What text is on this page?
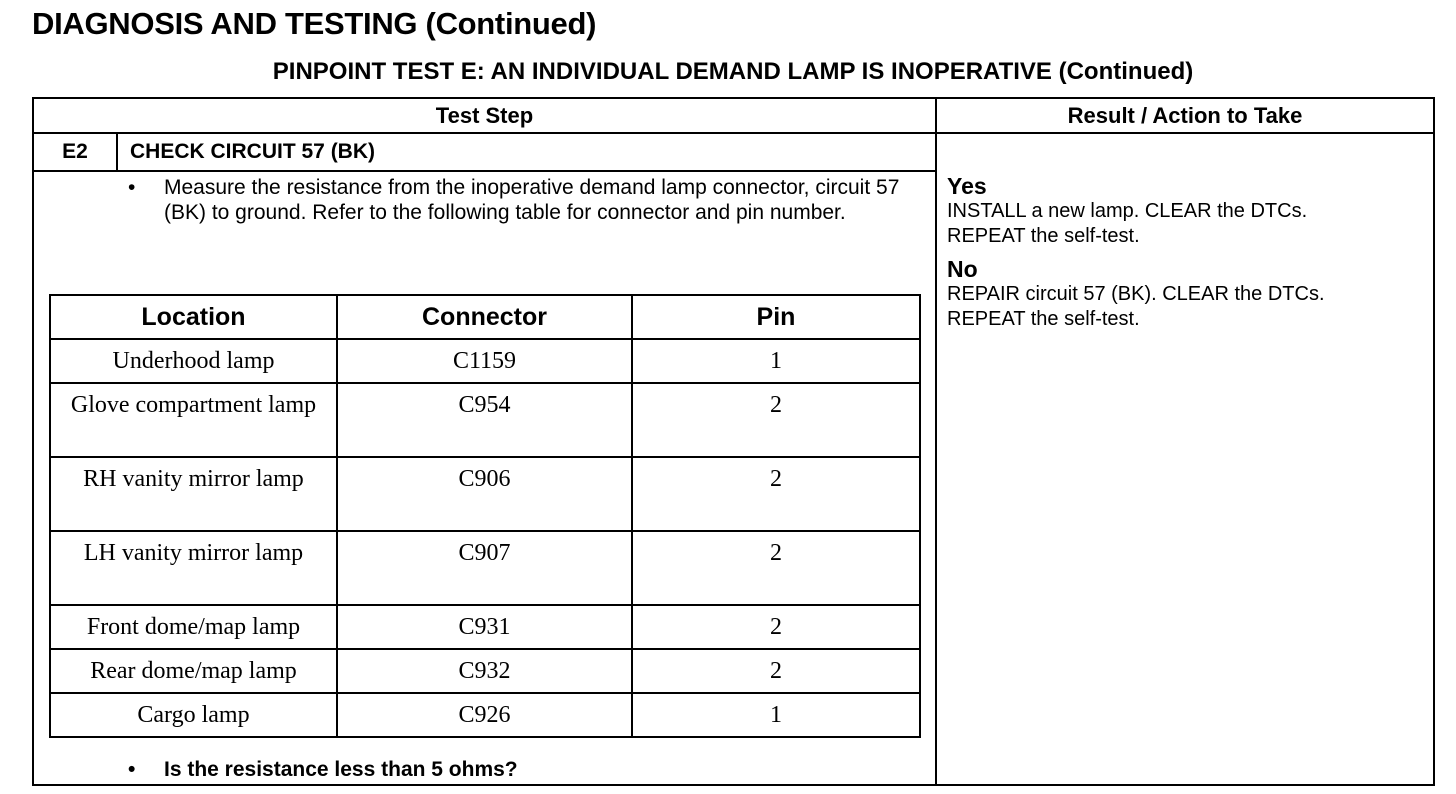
DIAGNOSIS AND TESTING (Continued)
PINPOINT TEST E: AN INDIVIDUAL DEMAND LAMP IS INOPERATIVE (Continued)
Test Step	Result / Action to Take
E2	CHECK CIRCUIT 57 (BK)
•	Measure the resistance from the inoperative demand lamp connector, circuit 57 (BK) to ground. Refer to the following table for connector and pin number.
Location	Connector	Pin
Underhood lamp	C1159	1
Glove compartment lamp	C954	2
RH vanity mirror lamp	C906	2
LH vanity mirror lamp	C907	2
Front dome/map lamp	C931	2
Rear dome/map lamp	C932	2
Cargo lamp	C926	1
•	Is the resistance less than 5 ohms?
Yes
INSTALL a new lamp. CLEAR the DTCs.
REPEAT the self-test.
No
REPAIR circuit 57 (BK). CLEAR the DTCs.
REPEAT the self-test.
